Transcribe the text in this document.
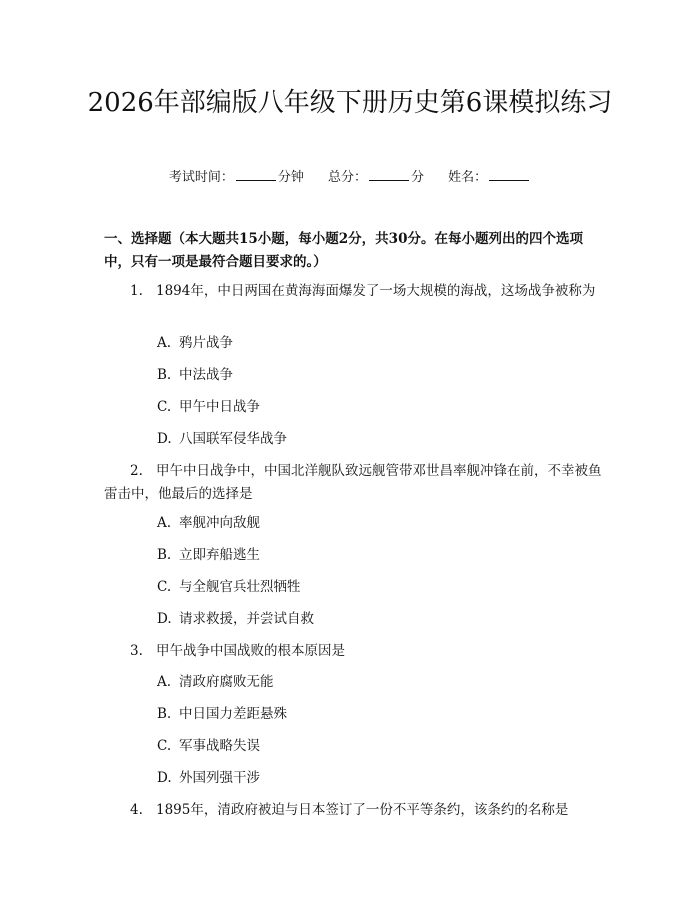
2026年部编版八年级下册历史第6课模拟练习
考试时间：	分钟 总分：	分 姓名：

一、选择题（本大题共15小题，每小题2分，共30分。在每小题列出的四个选项中，只有一项是最符合题目要求的。）

1. 1894年，中日两国在黄海海面爆发了一场大规模的海战，这场战争被称为

A. 鸦片战争
B. 中法战争
C. 甲午中日战争
D. 八国联军侵华战争

2. 甲午中日战争中，中国北洋舰队致远舰管带邓世昌率舰冲锋在前，不幸被鱼雷击中，他最后的选择是

A. 率舰冲向敌舰
B. 立即弃船逃生
C. 与全舰官兵壮烈牺牲
D. 请求救援，并尝试自救

3. 甲午战争中国战败的根本原因是

A. 清政府腐败无能
B. 中日国力差距悬殊
C. 军事战略失误
D. 外国列强干涉

4. 1895年，清政府被迫与日本签订了一份不平等条约，该条约的名称是
